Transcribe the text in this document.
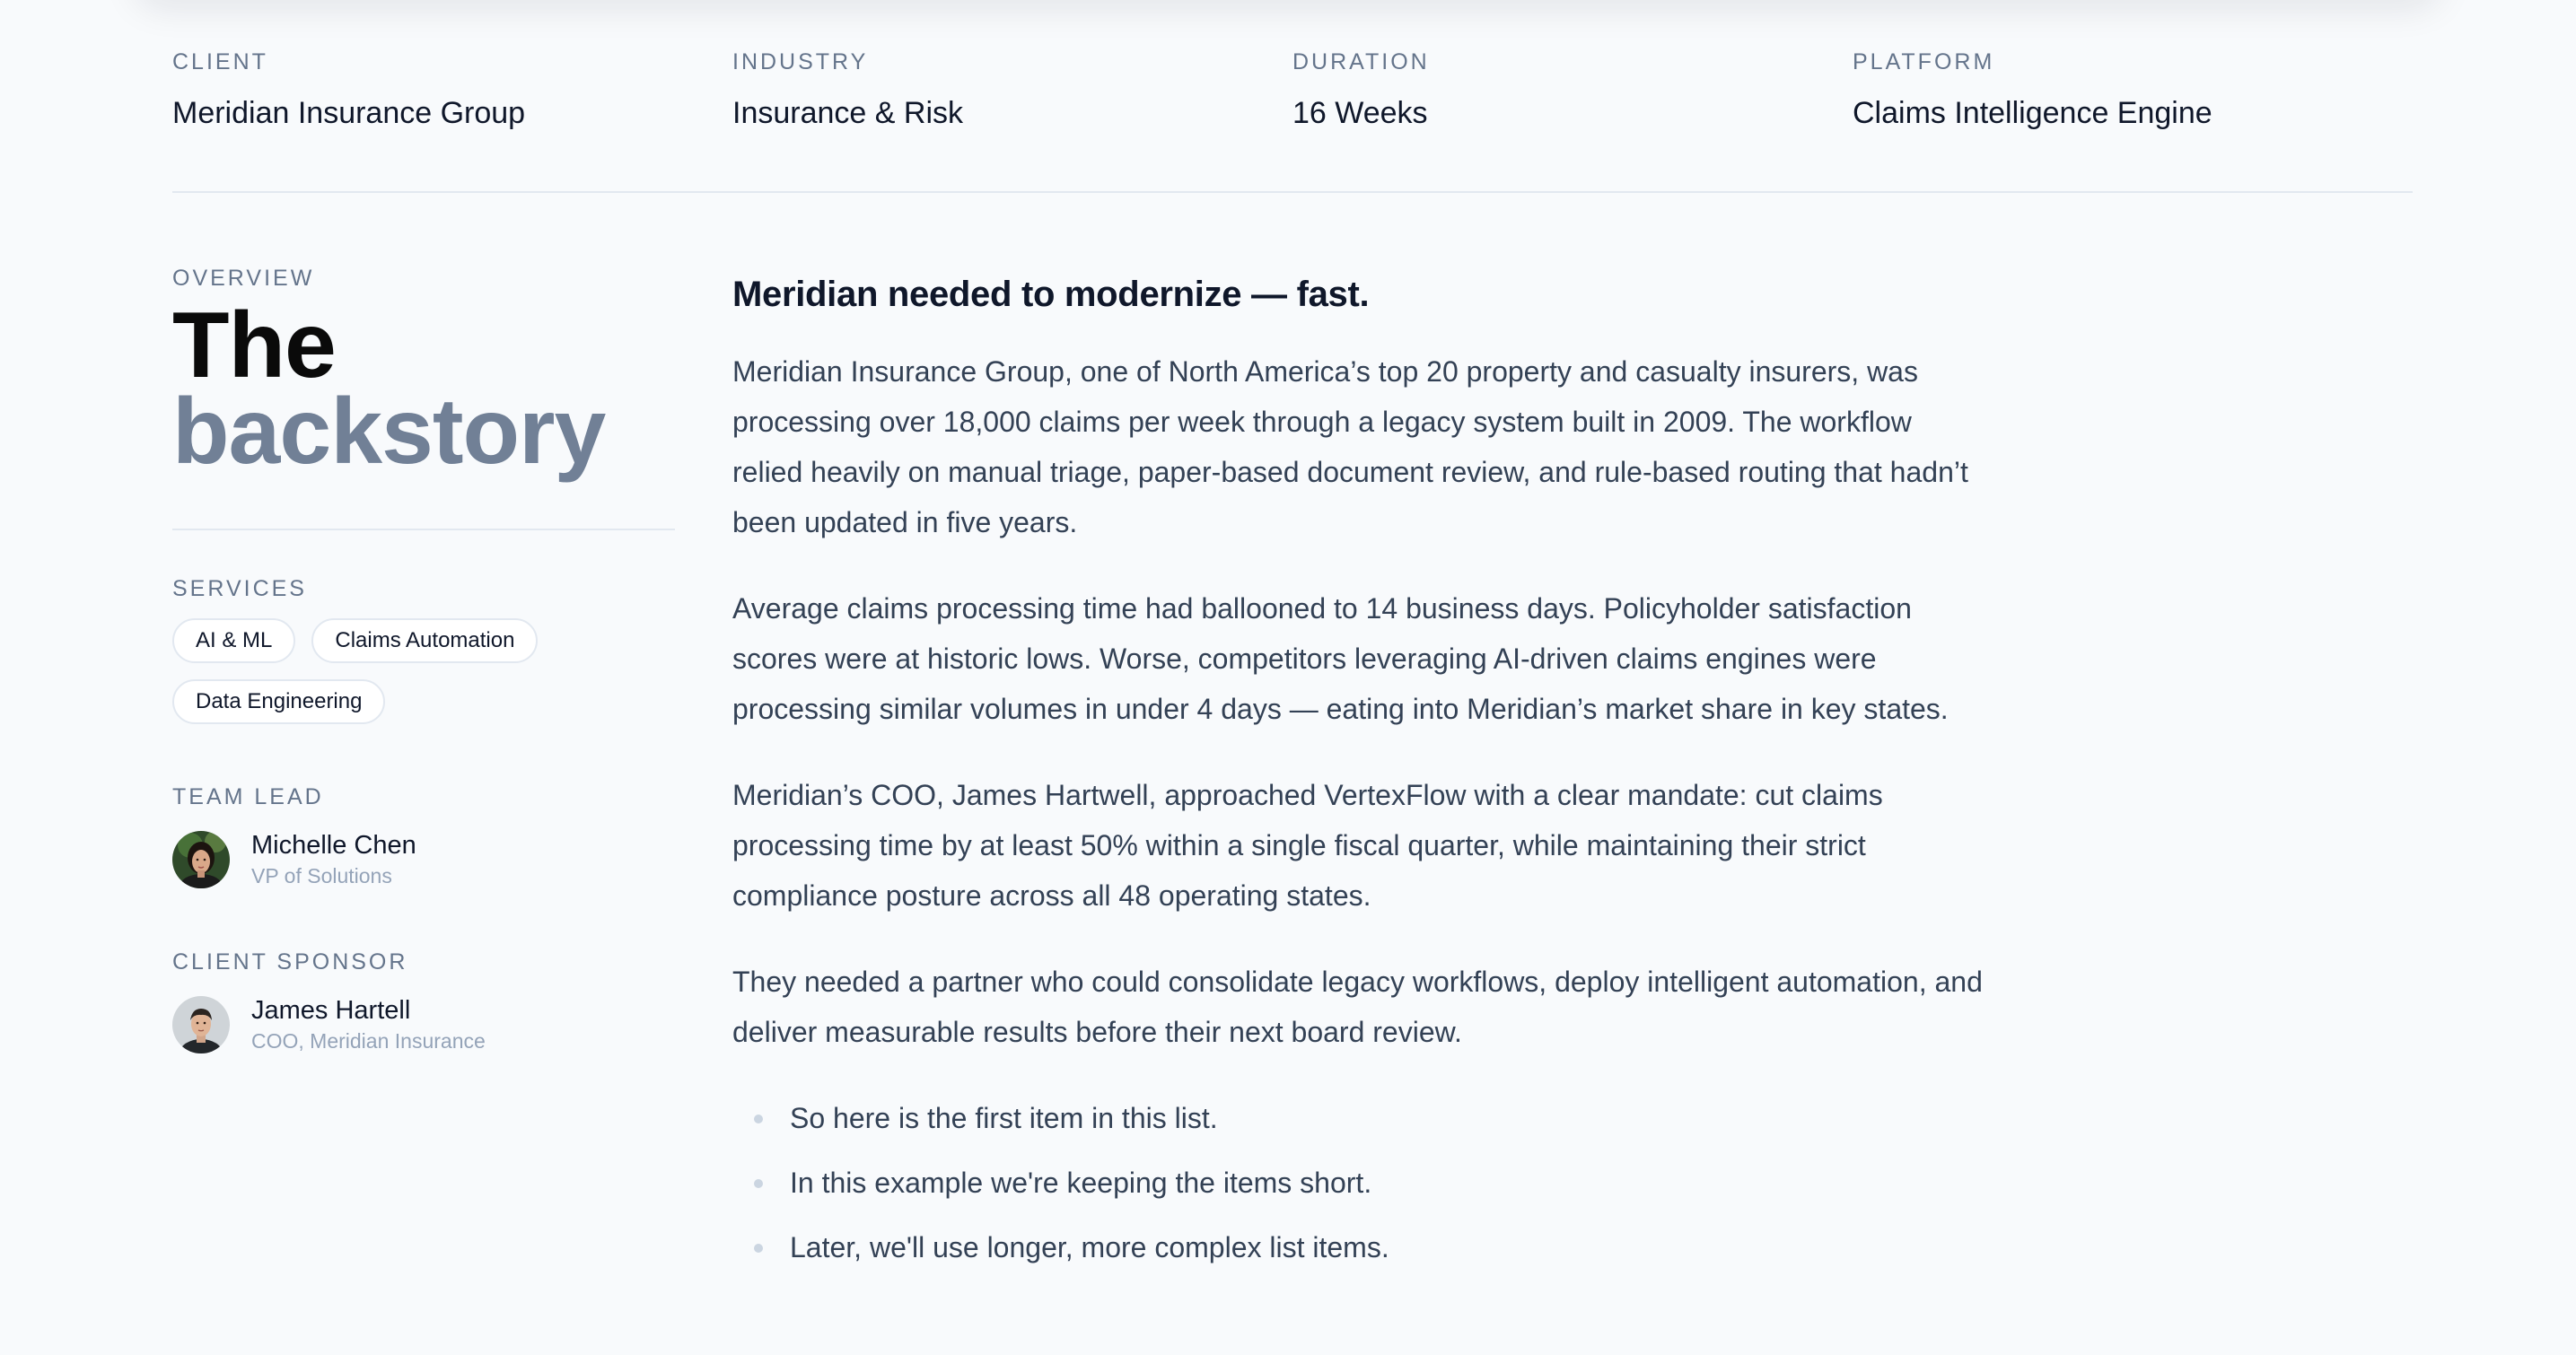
CLIENT
Meridian Insurance Group
INDUSTRY
Insurance & Risk
DURATION
16 Weeks
PLATFORM
Claims Intelligence Engine
OVERVIEW
The
backstory
SERVICES
AI & ML	Claims Automation
Data Engineering
TEAM LEAD
Michelle Chen
VP of Solutions
CLIENT SPONSOR
James Hartell
COO, Meridian Insurance
Meridian needed to modernize — fast.

Meridian Insurance Group, one of North America’s top 20 property and casualty insurers, was processing over 18,000 claims per week through a legacy system built in 2009. The workflow relied heavily on manual triage, paper-based document review, and rule-based routing that hadn’t been updated in five years.

Average claims processing time had ballooned to 14 business days. Policyholder satisfaction scores were at historic lows. Worse, competitors leveraging AI-driven claims engines were processing similar volumes in under 4 days — eating into Meridian’s market share in key states.

Meridian’s COO, James Hartwell, approached VertexFlow with a clear mandate: cut claims processing time by at least 50% within a single fiscal quarter, while maintaining their strict compliance posture across all 48 operating states.

They needed a partner who could consolidate legacy workflows, deploy intelligent automation, and deliver measurable results before their next board review.

So here is the first item in this list.
In this example we're keeping the items short.
Later, we'll use longer, more complex list items.
